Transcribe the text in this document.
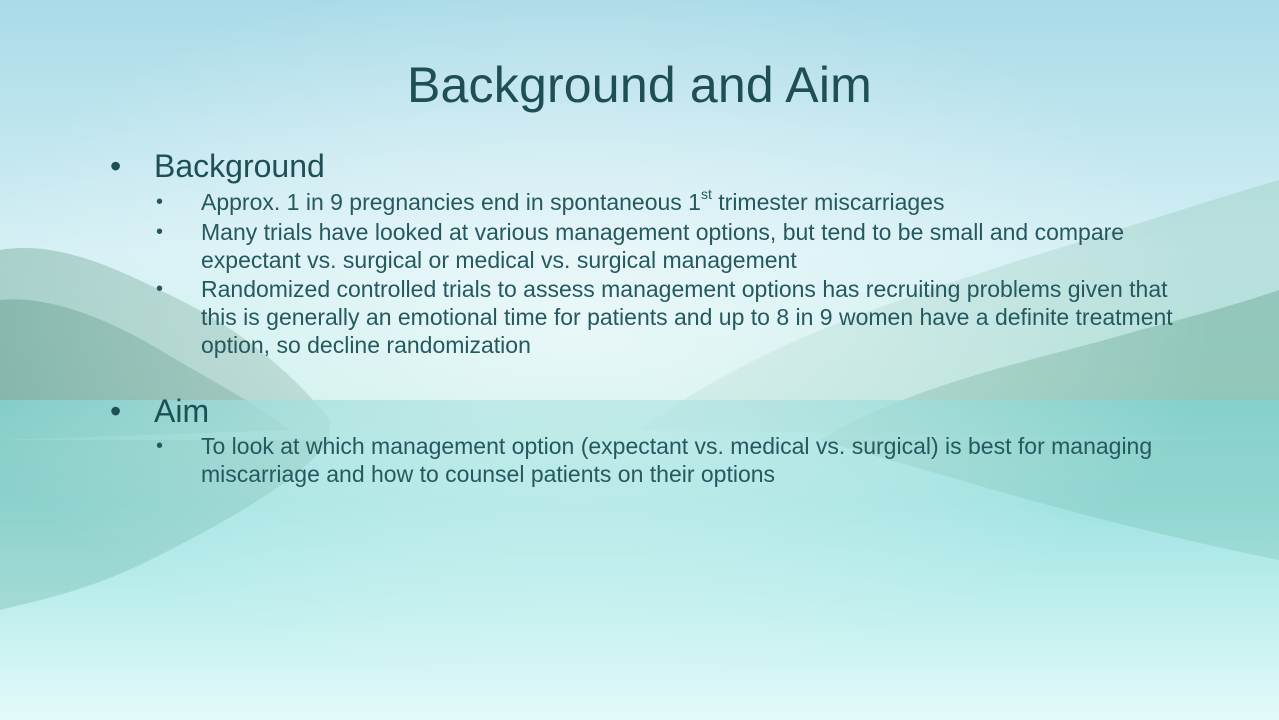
Background and Aim
• Background
• Approx. 1 in 9 pregnancies end in spontaneous 1st trimester miscarriages
• Many trials have looked at various management options, but tend to be small and compare expectant vs. surgical or medical vs. surgical management
• Randomized controlled trials to assess management options has recruiting problems given that this is generally an emotional time for patients and up to 8 in 9 women have a definite treatment option, so decline randomization
• Aim
• To look at which management option (expectant vs. medical vs. surgical) is best for managing miscarriage and how to counsel patients on their options
